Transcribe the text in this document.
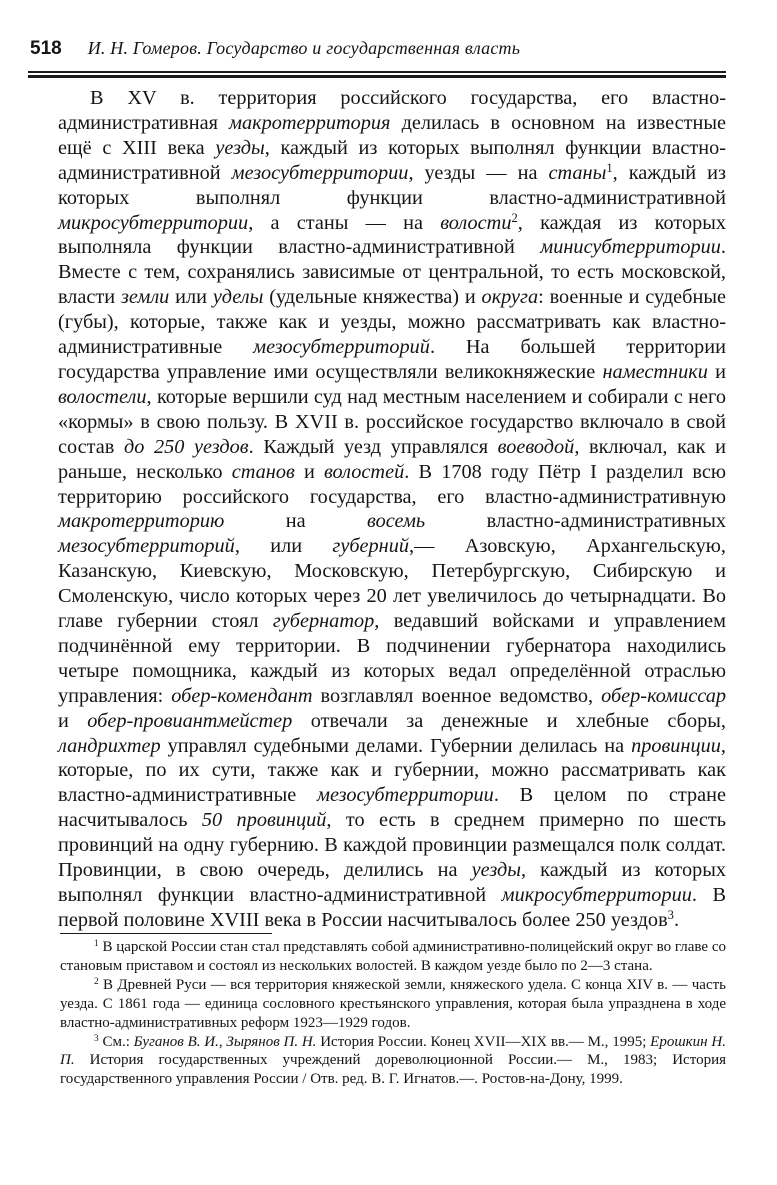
518 И. Н. Гомеров. Государство и государственная власть

В XV в. территория российского государства, его властно-административная макротерритория делилась в основном на известные ещё с XIII века уезды, каждый из которых выполнял функции властно-административной мезосубтерритории, уезды — на станы$^1$, каждый из которых выполнял функции властно-административной микросубтерритории, а станы — на волости$^2$, каждая из которых выполняла функции властно-административной минисубтерритории. Вместе с тем, сохранялись зависимые от центральной, то есть московской, власти земли или уделы (удельные княжества) и округа: военные и судебные (губы), которые, также как и уезды, можно рассматривать как властно-административные мезосубтерриторий. На большей территории государства управление ими осуществляли великокняжеские наместники и волостели, которые вершили суд над местным населением и собирали с него «кормы» в свою пользу. В XVII в. российское государство включало в свой состав до 250 уездов. Каждый уезд управлялся воеводой, включал, как и раньше, несколько станов и волостей. В 1708 году Пётр I разделил всю территорию российского государства, его властно-административную макротерриторию на восемь властно-административных мезосубтерриторий, или губерний,— Азовскую, Архангельскую, Казанскую, Киевскую, Московскую, Петербургскую, Сибирскую и Смоленскую, число которых через 20 лет увеличилось до четырнадцати. Во главе губернии стоял губернатор, ведавший войсками и управлением подчинённой ему территории. В подчинении губернатора находились четыре помощника, каждый из которых ведал определённой отраслью управления: обер-комендант возглавлял военное ведомство, обер-комиссар и обер-провиантмейстер отвечали за денежные и хлебные сборы, ландрихтер управлял судебными делами. Губернии делилась на провинции, которые, по их сути, также как и губернии, можно рассматривать как властно-административные мезосубтерритории. В целом по стране насчитывалось 50 провинций, то есть в среднем примерно по шесть провинций на одну губернию. В каждой провинции размещался полк солдат. Провинции, в свою очередь, делились на уезды, каждый из которых выполнял функции властно-административной микросубтерритории. В первой половине XVIII века в России насчитывалось более 250 уездов$^3$.

$^1$ В царской России стан стал представлять собой административно-полицейский округ во главе со становым приставом и состоял из нескольких волостей. В каждом уезде было по 2—3 стана.

$^2$ В Древней Руси — вся территория княжеской земли, княжеского удела. С конца XIV в. — часть уезда. С 1861 года — единица сословного крестьянского управления, которая была упразднена в ходе властно-административных реформ 1923—1929 годов.

$^3$ См.: Буганов В. И., Зырянов П. Н. История России. Конец XVII—XIX вв.— М., 1995; Ерошкин Н. П. История государственных учреждений дореволюционной России.— М., 1983; История государственного управления России / Отв. ред. В. Г. Игнатов.—. Ростов-на-Дону, 1999.
